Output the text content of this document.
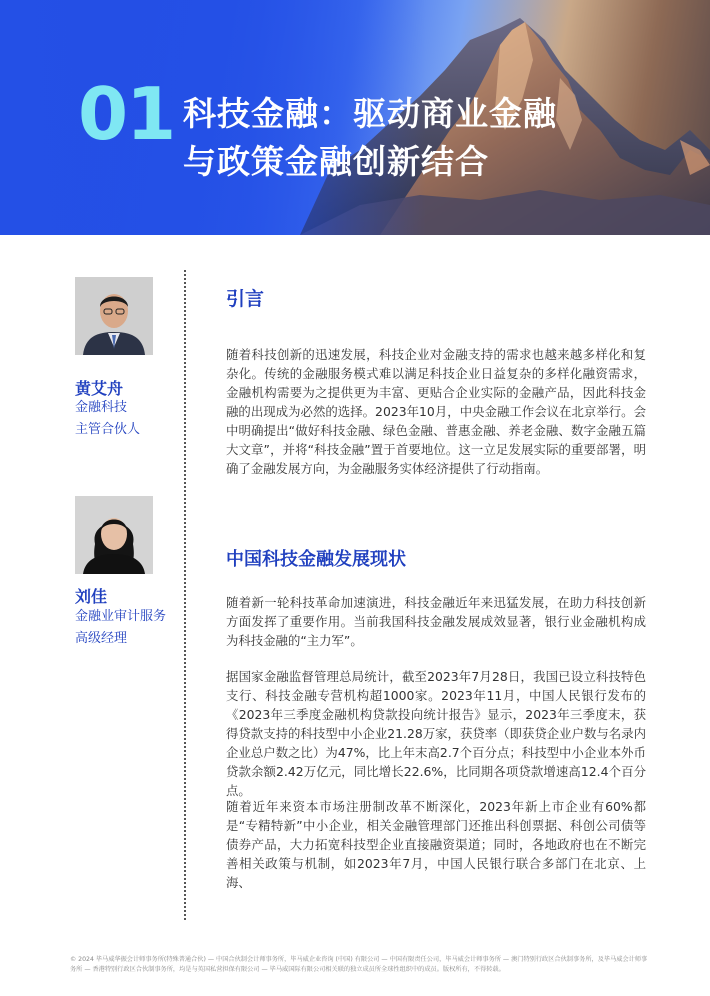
01 科技金融：驱动商业金融
与政策金融创新结合
黄艾舟
金融科技
主管合伙人
刘佳
金融业审计服务
高级经理
引言

随着科技创新的迅速发展，科技企业对金融支持的需求也越来越多样化和复杂化。传统的金融服务模式难以满足科技企业日益复杂的多样化融资需求，金融机构需要为之提供更为丰富、更贴合企业实际的金融产品，因此科技金融的出现成为必然的选择。2023年10月，中央金融工作会议在北京举行。会中明确提出“做好科技金融、绿色金融、普惠金融、养老金融、数字金融五篇大文章”，并将“科技金融”置于首要地位。这一立足发展实际的重要部署，明确了金融发展方向，为金融服务实体经济提供了行动指南。

中国科技金融发展现状

随着新一轮科技革命加速演进，科技金融近年来迅猛发展，在助力科技创新方面发挥了重要作用。当前我国科技金融发展成效显著，银行业金融机构成为科技金融的“主力军”。

据国家金融监督管理总局统计，截至2023年7月28日，我国已设立科技特色支行、科技金融专营机构超1000家。2023年11月，中国人民银行发布的《2023年三季度金融机构贷款投向统计报告》显示，2023年三季度末，获得贷款支持的科技型中小企业21.28万家，获贷率（即获贷企业户数与名录内企业总户数之比）为47%，比上年末高2.7个百分点；科技型中小企业本外币贷款余额2.42万亿元，同比增长22.6%，比同期各项贷款增速高12.4个百分点。

随着近年来资本市场注册制改革不断深化，2023年新上市企业有60%都是“专精特新”中小企业，相关金融管理部门还推出科创票据、科创公司债等债券产品，大力拓宽科技型企业直接融资渠道；同时，各地政府也在不断完善相关政策与机制，如2023年7月，中国人民银行联合多部门在北京、上海、

© 2024 毕马威华振会计师事务所(特殊普通合伙) — 中国合伙制会计师事务所，毕马威企业咨询 (中国) 有限公司 — 中国有限责任公司，毕马威会计师事务所 — 澳门特别行政区合伙制事务所，及毕马威会计师事务所 — 香港特别行政区合伙制事务所，均是与英国私营担保有限公司 — 毕马威国际有限公司相关联的独立成员所全球性组织中的成员。版权所有，不得转载。
